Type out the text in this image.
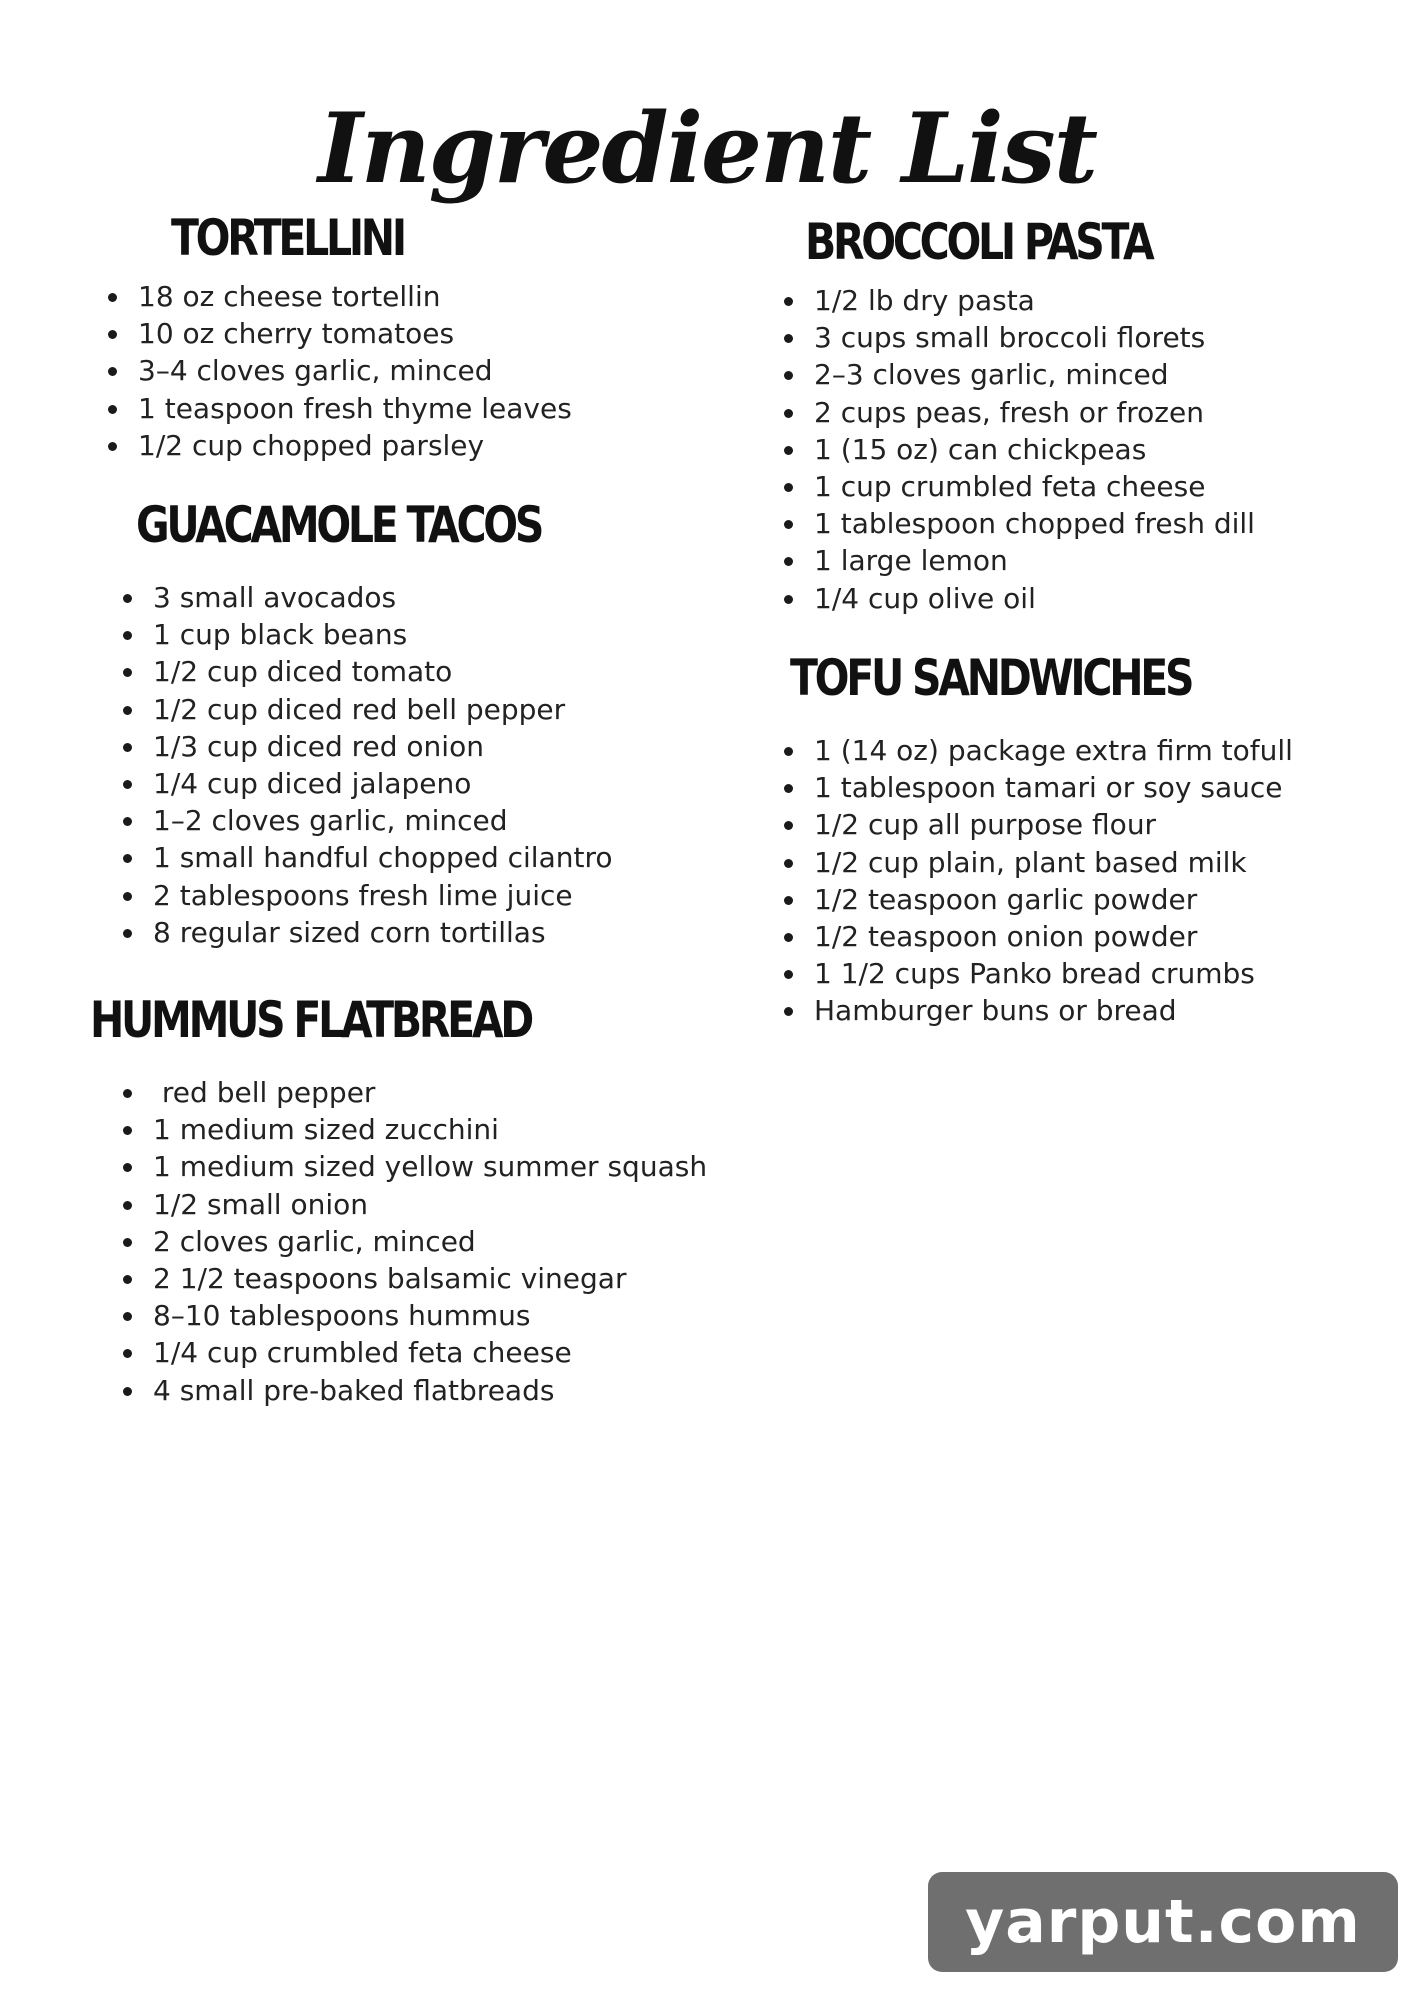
Ingredient List
TORTELLINI
18 oz cheese tortellin
10 oz cherry tomatoes
3–4 cloves garlic, minced
1 teaspoon fresh thyme leaves
1/2 cup chopped parsley
GUACAMOLE TACOS
3 small avocados
1 cup black beans
1/2 cup diced tomato
1/2 cup diced red bell pepper
1/3 cup diced red onion
1/4 cup diced jalapeno
1–2 cloves garlic, minced
1 small handful chopped cilantro
2 tablespoons fresh lime juice
8 regular sized corn tortillas
HUMMUS FLATBREAD
red bell pepper
1 medium sized zucchini
1 medium sized yellow summer squash
1/2 small onion
2 cloves garlic, minced
2 1/2 teaspoons balsamic vinegar
8–10 tablespoons hummus
1/4 cup crumbled feta cheese
4 small pre-baked flatbreads
BROCCOLI PASTA
1/2 lb dry pasta
3 cups small broccoli florets
2–3 cloves garlic, minced
2 cups peas, fresh or frozen
1 (15 oz) can chickpeas
1 cup crumbled feta cheese
1 tablespoon chopped fresh dill
1 large lemon
1/4 cup olive oil
TOFU SANDWICHES
1 (14 oz) package extra firm tofull
1 tablespoon tamari or soy sauce
1/2 cup all purpose flour
1/2 cup plain, plant based milk
1/2 teaspoon garlic powder
1/2 teaspoon onion powder
1 1/2 cups Panko bread crumbs
Hamburger buns or bread
yarput.com
